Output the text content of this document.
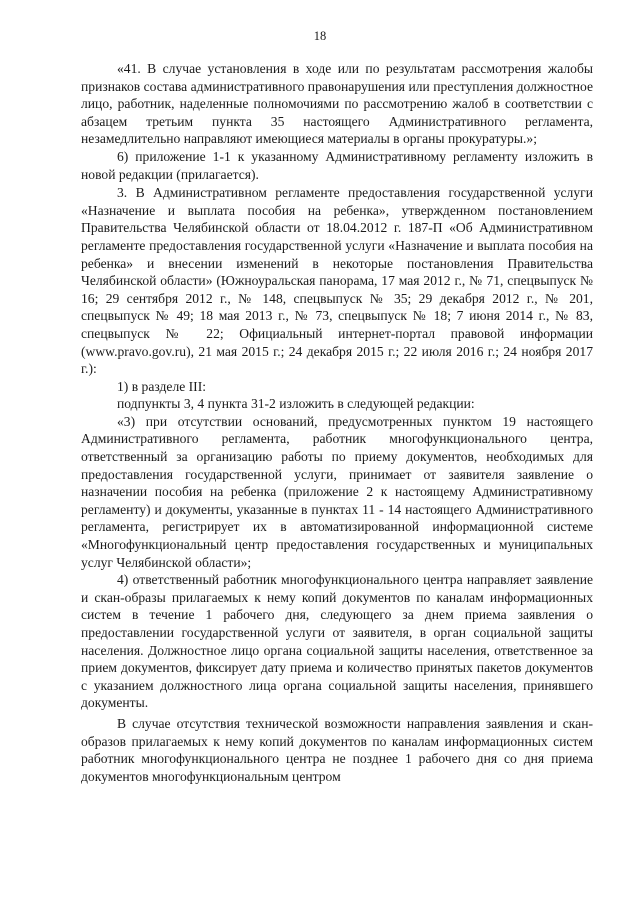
18

«41. В случае установления в ходе или по результатам рассмотрения жалобы признаков состава административного правонарушения или преступления должностное лицо, работник, наделенные полномочиями по рассмотрению жалоб в соответствии с абзацем третьим пункта 35 настоящего Административного регламента, незамедлительно направляют имеющиеся материалы в органы прокуратуры.»;

6) приложение 1-1 к указанному Административному регламенту изложить в новой редакции (прилагается).

3. В Административном регламенте предоставления государственной услуги «Назначение и выплата пособия на ребенка», утвержденном постановлением Правительства Челябинской области от 18.04.2012 г. 187-П «Об Административном регламенте предоставления государственной услуги «Назначение и выплата пособия на ребенка» и внесении изменений в некоторые постановления Правительства Челябинской области» (Южноуральская панорама, 17 мая 2012 г., № 71, спецвыпуск № 16; 29 сентября 2012 г., № 148, спецвыпуск № 35; 29 декабря 2012 г., № 201, спецвыпуск № 49; 18 мая 2013 г., № 73, спецвыпуск № 18; 7 июня 2014 г., № 83, спецвыпуск № 22; Официальный интернет-портал правовой информации (www.pravo.gov.ru), 21 мая 2015 г.; 24 декабря 2015 г.; 22 июля 2016 г.; 24 ноября 2017 г.):

1) в разделе III:

подпункты 3, 4 пункта 31-2 изложить в следующей редакции:

«3) при отсутствии оснований, предусмотренных пунктом 19 настоящего Административного регламента, работник многофункционального центра, ответственный за организацию работы по приему документов, необходимых для предоставления государственной услуги, принимает от заявителя заявление о назначении пособия на ребенка (приложение 2 к настоящему Административному регламенту) и документы, указанные в пунктах 11 - 14 настоящего Административного регламента, регистрирует их в автоматизированной информационной системе «Многофункциональный центр предоставления государственных и муниципальных услуг Челябинской области»;

4) ответственный работник многофункционального центра направляет заявление и скан-образы прилагаемых к нему копий документов по каналам информационных систем в течение 1 рабочего дня, следующего за днем приема заявления о предоставлении государственной услуги от заявителя, в орган социальной защиты населения. Должностное лицо органа социальной защиты населения, ответственное за прием документов, фиксирует дату приема и количество принятых пакетов документов с указанием должностного лица органа социальной защиты населения, принявшего документы.

В случае отсутствия технической возможности направления заявления и скан-образов прилагаемых к нему копий документов по каналам информационных систем работник многофункционального центра не позднее 1 рабочего дня со дня приема документов многофункциональным центром
